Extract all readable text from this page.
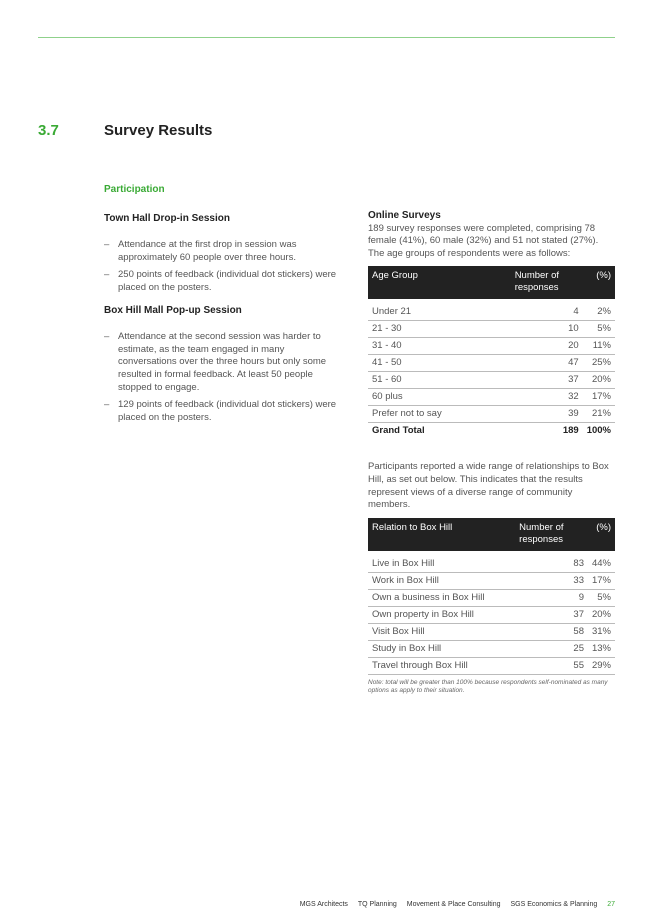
3.7	Survey Results
Participation
Town Hall Drop-in Session
– Attendance at the first drop in session was approximately 60 people over three hours.
– 250 points of feedback (individual dot stickers) were placed on the posters.
Box Hill Mall Pop-up Session
– Attendance at the second session was harder to estimate, as the team engaged in many conversations over the three hours but only some resulted in formal feedback. At least 50 people stopped to engage.
– 129 points of feedback (individual dot stickers) were placed on the posters.
Online Surveys

189 survey responses were completed, comprising 78 female (41%), 60 male (32%) and 51 not stated (27%). The age groups of respondents were as follows:

Age Group	Number of responses	(%)
Under 21	4	2%
21 - 30	10	5%
31 - 40	20	11%
41 - 50	47	25%
51 - 60	37	20%
60 plus	32	17%
Prefer not to say	39	21%
Grand Total	189	100%

Participants reported a wide range of relationships to Box Hill, as set out below. This indicates that the results represent views of a diverse range of community members.

Relation to Box Hill	Number of responses	(%)
Live in Box Hill	83	44%
Work in Box Hill	33	17%
Own a business in Box Hill	9	5%
Own property in Box Hill	37	20%
Visit Box Hill	58	31%
Study in Box Hill	25	13%
Travel through Box Hill	55	29%
Note: total will be greater than 100% because respondents self-nominated as many options as apply to their situation.
MGS Architects TQ Planning Movement & Place Consulting SGS Economics & Planning 27
